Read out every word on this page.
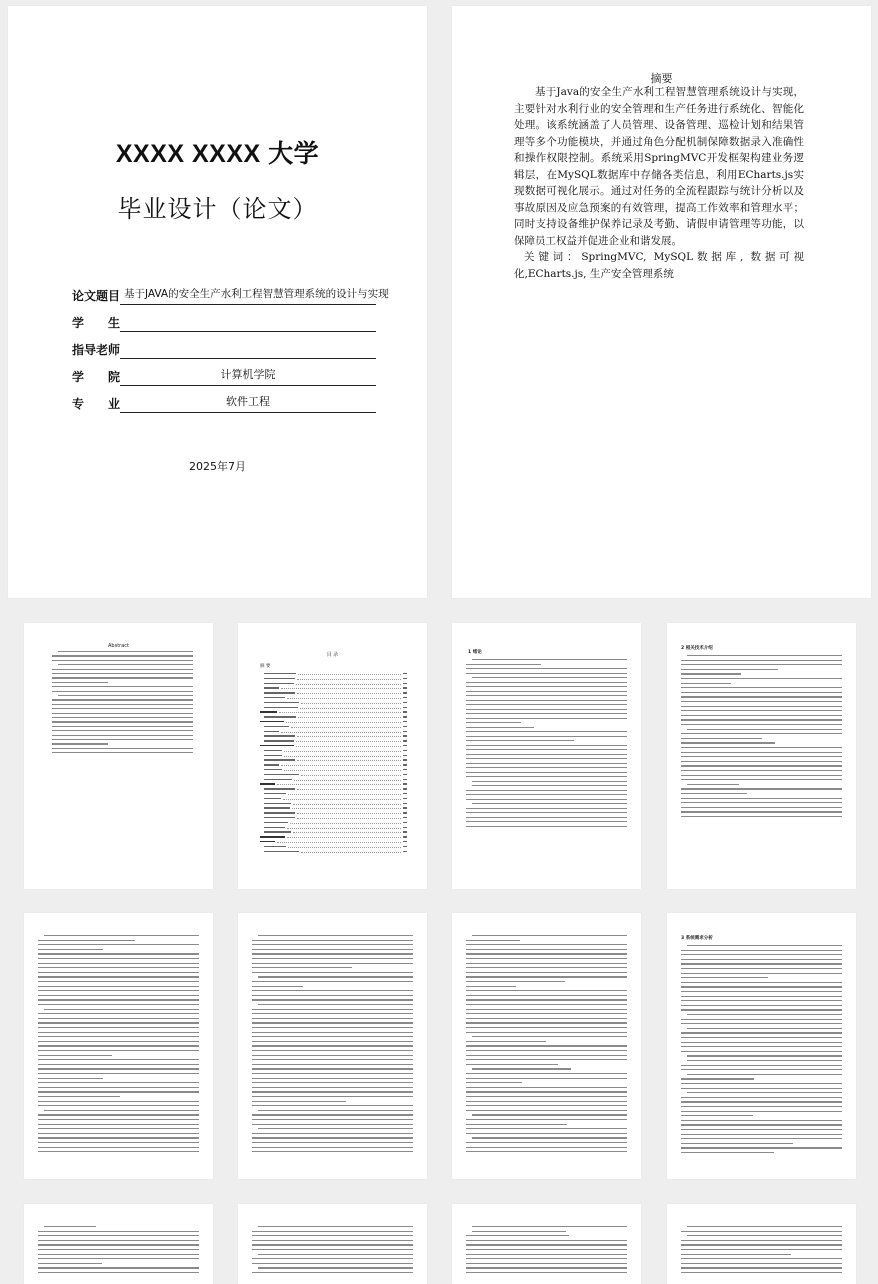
XXXX XXXX 大学
毕业设计（论文）
论文题目 基于JAVA的安全生产水利工程智慧管理系统的设计与实现
学 生
指导老师
学 院	计算机学院
专 业	软件工程
2025年7月
摘要

基于Java的安全生产水利工程智慧管理系统设计与实现，主要针对水利行业的安全管理和生产任务进行系统化、智能化处理。该系统涵盖了人员管理、设备管理、巡检计划和结果管理等多个功能模块，并通过角色分配机制保障数据录入准确性和操作权限控制。系统采用SpringMVC开发框架构建业务逻辑层，在MySQL数据库中存储各类信息，利用ECharts.js实现数据可视化展示。通过对任务的全流程跟踪与统计分析以及事故原因及应急预案的有效管理，提高工作效率和管理水平；同时支持设备维护保养记录及考勤、请假申请管理等功能，以保障员工权益并促进企业和谐发展。

关键词：SpringMVC, MySQL数据库, 数据可视化,ECharts.js, 生产安全管理系统

Abstract
目 录
摘 要
1 绪论
2 相关技术介绍
3 系统需求分析
